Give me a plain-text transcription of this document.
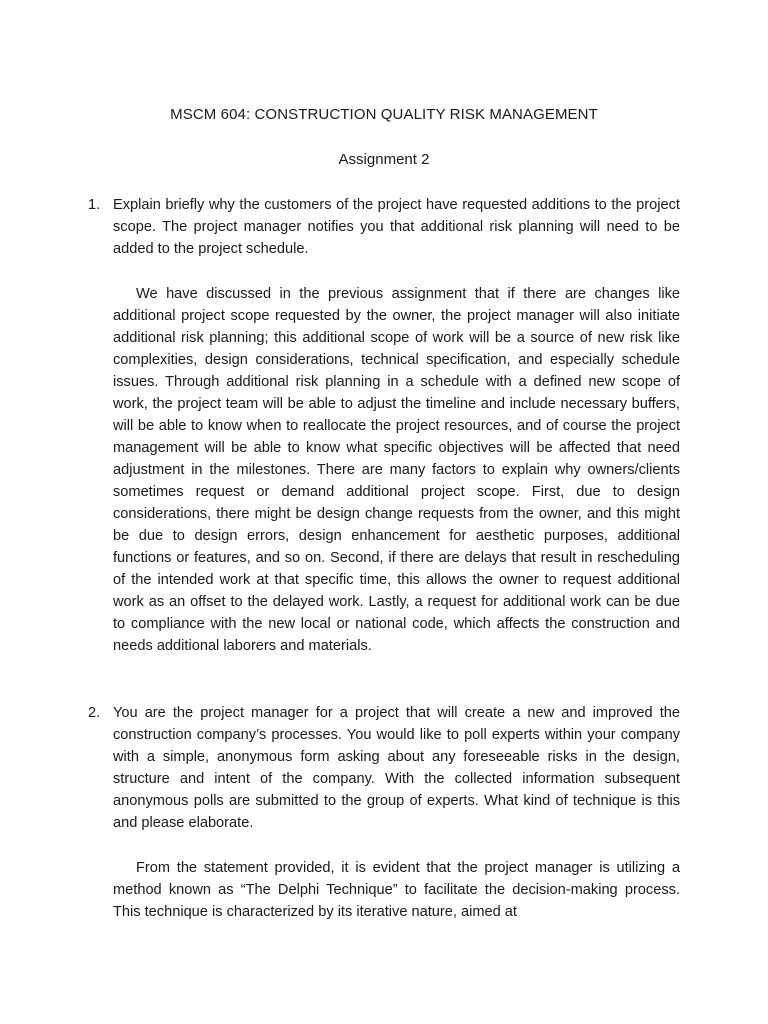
MSCM 604: CONSTRUCTION QUALITY RISK MANAGEMENT
Assignment 2
1. Explain briefly why the customers of the project have requested additions to the project scope. The project manager notifies you that additional risk planning will need to be added to the project schedule.
We have discussed in the previous assignment that if there are changes like additional project scope requested by the owner, the project manager will also initiate additional risk planning; this additional scope of work will be a source of new risk like complexities, design considerations, technical specification, and especially schedule issues. Through additional risk planning in a schedule with a defined new scope of work, the project team will be able to adjust the timeline and include necessary buffers, will be able to know when to reallocate the project resources, and of course the project management will be able to know what specific objectives will be affected that need adjustment in the milestones. There are many factors to explain why owners/clients sometimes request or demand additional project scope. First, due to design considerations, there might be design change requests from the owner, and this might be due to design errors, design enhancement for aesthetic purposes, additional functions or features, and so on. Second, if there are delays that result in rescheduling of the intended work at that specific time, this allows the owner to request additional work as an offset to the delayed work. Lastly, a request for additional work can be due to compliance with the new local or national code, which affects the construction and needs additional laborers and materials.
2. You are the project manager for a project that will create a new and improved the construction company’s processes. You would like to poll experts within your company with a simple, anonymous form asking about any foreseeable risks in the design, structure and intent of the company. With the collected information subsequent anonymous polls are submitted to the group of experts. What kind of technique is this and please elaborate.
From the statement provided, it is evident that the project manager is utilizing a method known as “The Delphi Technique” to facilitate the decision-making process. This technique is characterized by its iterative nature, aimed at
